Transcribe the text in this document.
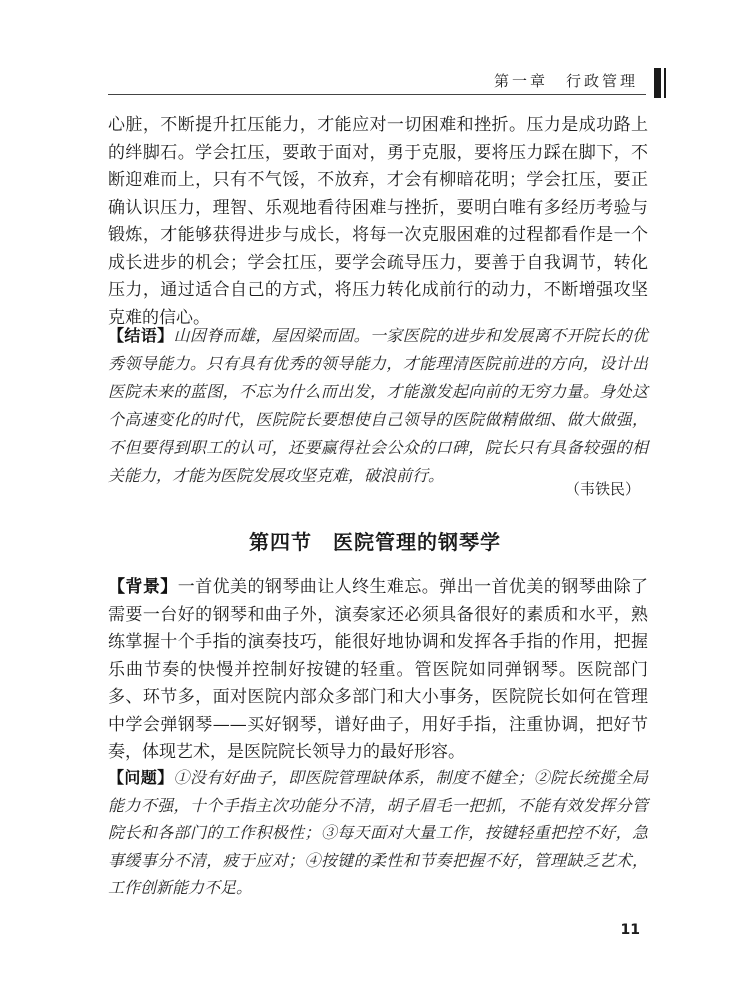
第一章　行政管理

心脏，不断提升扛压能力，才能应对一切困难和挫折。压力是成功路上的绊脚石。学会扛压，要敢于面对，勇于克服，要将压力踩在脚下，不断迎难而上，只有不气馁，不放弃，才会有柳暗花明；学会扛压，要正确认识压力，理智、乐观地看待困难与挫折，要明白唯有多经历考验与锻炼，才能够获得进步与成长，将每一次克服困难的过程都看作是一个成长进步的机会；学会扛压，要学会疏导压力，要善于自我调节，转化压力，通过适合自己的方式，将压力转化成前行的动力，不断增强攻坚克难的信心。

【结语】山因脊而雄，屋因梁而固。一家医院的进步和发展离不开院长的优秀领导能力。只有具有优秀的领导能力，才能理清医院前进的方向，设计出医院未来的蓝图，不忘为什么而出发，才能激发起向前的无穷力量。身处这个高速变化的时代，医院院长要想使自己领导的医院做精做细、做大做强，不但要得到职工的认可，还要赢得社会公众的口碑，院长只有具备较强的相关能力，才能为医院发展攻坚克难，破浪前行。

（韦铁民）
第四节　医院管理的钢琴学

【背景】一首优美的钢琴曲让人终生难忘。弹出一首优美的钢琴曲除了需要一台好的钢琴和曲子外，演奏家还必须具备很好的素质和水平，熟练掌握十个手指的演奏技巧，能很好地协调和发挥各手指的作用，把握乐曲节奏的快慢并控制好按键的轻重。管医院如同弹钢琴。医院部门多、环节多，面对医院内部众多部门和大小事务，医院院长如何在管理中学会弹钢琴——买好钢琴，谱好曲子，用好手指，注重协调，把好节奏，体现艺术，是医院院长领导力的最好形容。

【问题】①没有好曲子，即医院管理缺体系，制度不健全；②院长统揽全局能力不强，十个手指主次功能分不清，胡子眉毛一把抓，不能有效发挥分管院长和各部门的工作积极性；③每天面对大量工作，按键轻重把控不好，急事缓事分不清，疲于应对；④按键的柔性和节奏把握不好，管理缺乏艺术，工作创新能力不足。

11
